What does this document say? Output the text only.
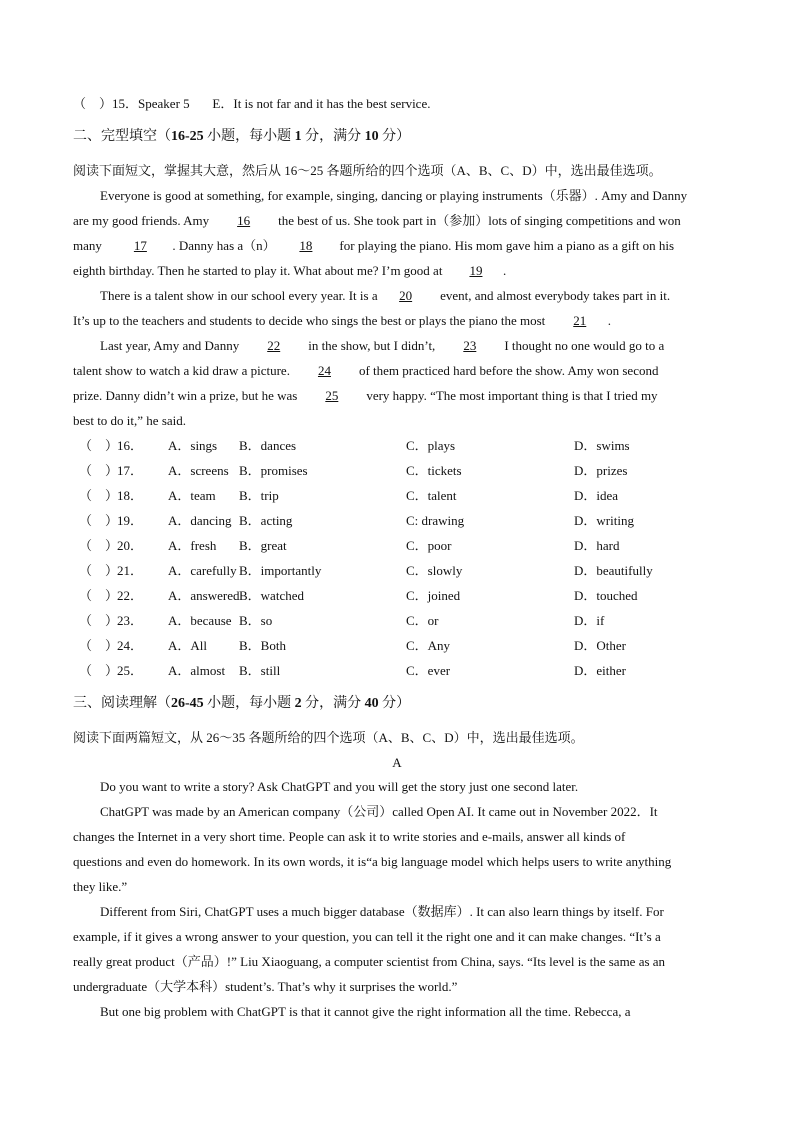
（　）15．Speaker 5 E．It is not far and it has the best service.
二、完型填空（16-25 小题，每小题 1 分，满分 10 分）
阅读下面短文，掌握其大意，然后从 16～25 各题所给的四个选项（A、B、C、D）中，选出最佳选项。
Everyone is good at something, for example, singing, dancing or playing instruments（乐器）. Amy and Danny
are my good friends. Amy 16 the best of us. She took part in（参加）lots of singing competitions and won
many 17 . Danny has a（n） 18 for playing the piano. His mom gave him a piano as a gift on his
eighth birthday. Then he started to play it. What about me? I’m good at 19 .
There is a talent show in our school every year. It is a 20 event, and almost everybody takes part in it.
It’s up to the teachers and students to decide who sings the best or plays the piano the most 21 .
Last year, Amy and Danny 22 in the show, but I didn’t, 23 I thought no one would go to a
talent show to watch a kid draw a picture. 24 of them practiced hard before the show. Amy won second
prize. Danny didn’t win a prize, but he was 25 very happy. “The most important thing is that I tried my
best to do it,” he said.
（　）
16． A．sings B．dances	C．plays	D．swims
（　）
17． A．screens B．promises	C．tickets	D．prizes
（　）
18． A．team B．trip	C．talent	D．idea
（　）
19． A．dancing B．acting	C: drawing	D．writing
（　）
20． A．fresh B．great	C．poor	D．hard
（　）
21． A．carefully B．importantly	C．slowly	D．beautifully
（　）
22． A．answered B．watched	C．joined	D．touched
（　）
23． A．because B．so	C．or	D．if
（　）
24． A．All B．Both	C．Any	D．Other
（　）
25． A．almost B．still	C．ever	D．either
三、阅读理解（26-45 小题，每小题 2 分，满分 40 分）
阅读下面两篇短文，从 26～35 各题所给的四个选项（A、B、C、D）中，选出最佳选项。
A
Do you want to write a story? Ask ChatGPT and you will get the story just one second later.
ChatGPT was made by an American company（公司）called Open AI. It came out in November 2022．It
changes the Internet in a very short time. People can ask it to write stories and e-mails, answer all kinds of
questions and even do homework. In its own words, it is“a big language model which helps users to write anything
they like.”
Different from Siri, ChatGPT uses a much bigger database（数据库）. It can also learn things by itself. For
example, if it gives a wrong answer to your question, you can tell it the right one and it can make changes. “It’s a
really great product（产品）!” Liu Xiaoguang, a computer scientist from China, says. “Its level is the same as an
undergraduate（大学本科）student’s. That’s why it surprises the world.”
But one big problem with ChatGPT is that it cannot give the right information all the time. Rebecca, a
